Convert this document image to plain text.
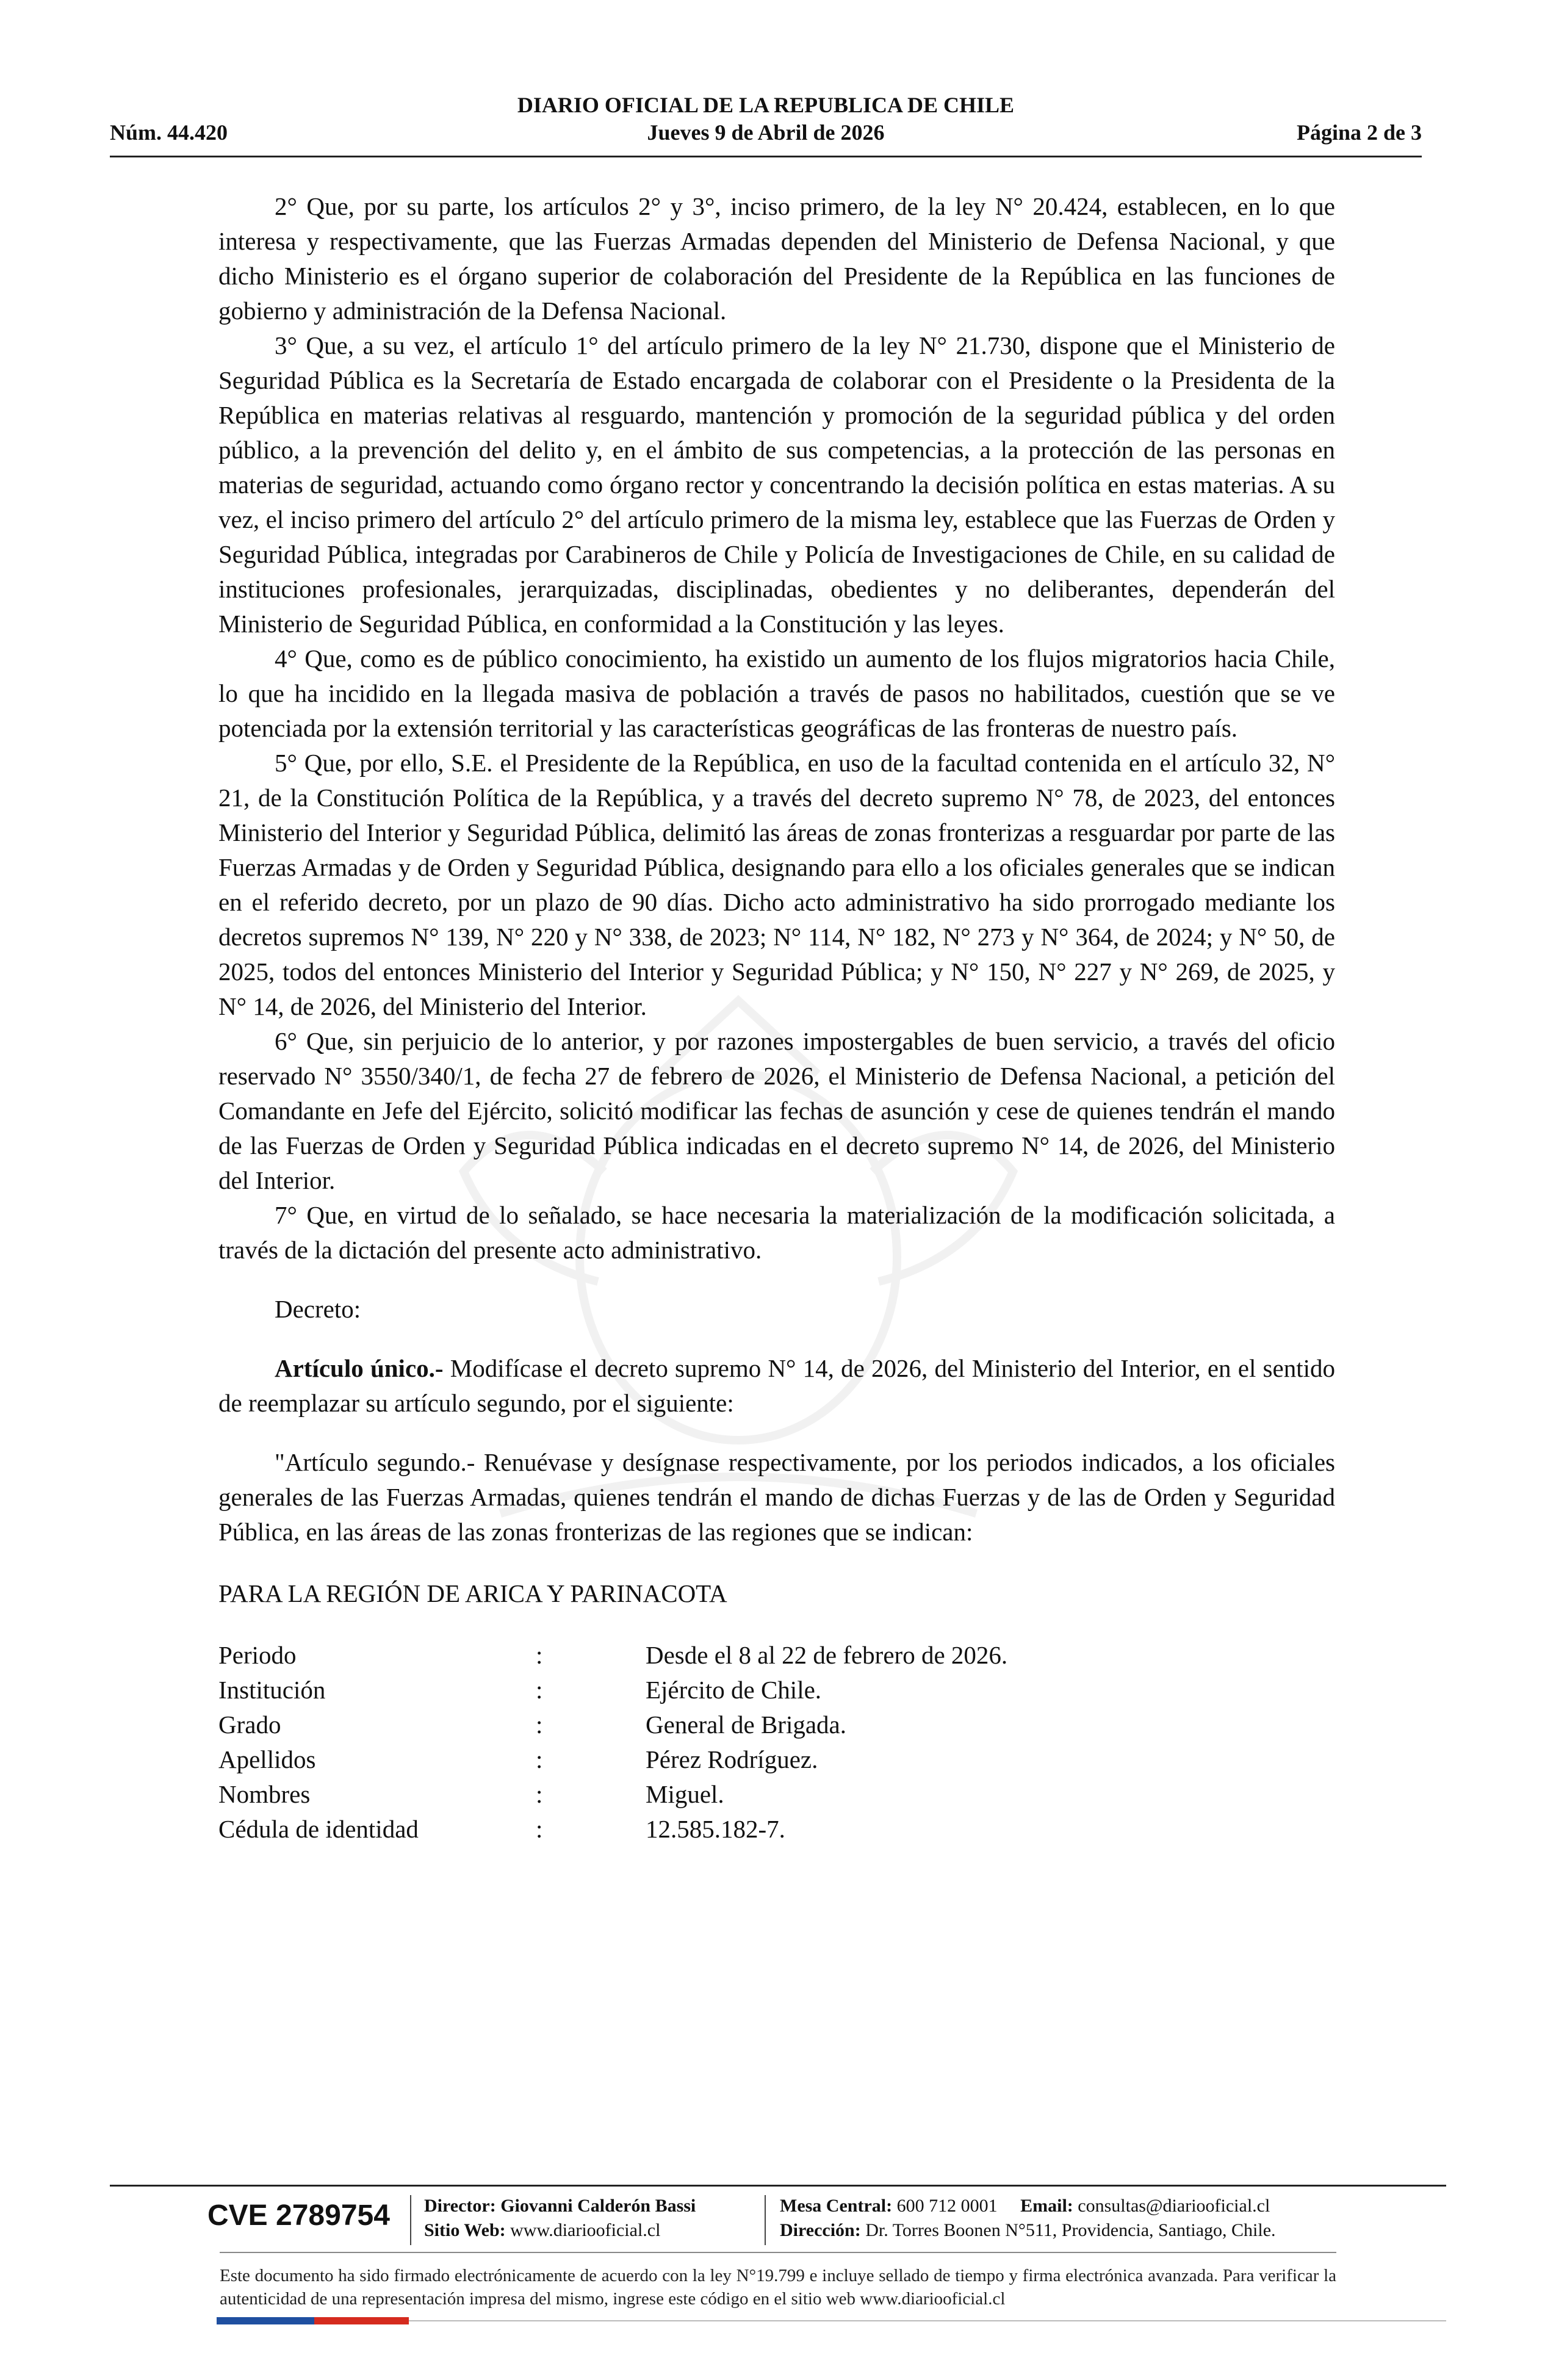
DIARIO OFICIAL DE LA REPUBLICA DE CHILE
Núm. 44.420	Jueves 9 de Abril de 2026	Página 2 de 3

2° Que, por su parte, los artículos 2° y 3°, inciso primero, de la ley N° 20.424, establecen, en lo que interesa y respectivamente, que las Fuerzas Armadas dependen del Ministerio de Defensa Nacional, y que dicho Ministerio es el órgano superior de colaboración del Presidente de la República en las funciones de gobierno y administración de la Defensa Nacional.

3° Que, a su vez, el artículo 1° del artículo primero de la ley N° 21.730, dispone que el Ministerio de Seguridad Pública es la Secretaría de Estado encargada de colaborar con el Presidente o la Presidenta de la República en materias relativas al resguardo, mantención y promoción de la seguridad pública y del orden público, a la prevención del delito y, en el ámbito de sus competencias, a la protección de las personas en materias de seguridad, actuando como órgano rector y concentrando la decisión política en estas materias. A su vez, el inciso primero del artículo 2° del artículo primero de la misma ley, establece que las Fuerzas de Orden y Seguridad Pública, integradas por Carabineros de Chile y Policía de Investigaciones de Chile, en su calidad de instituciones profesionales, jerarquizadas, disciplinadas, obedientes y no deliberantes, dependerán del Ministerio de Seguridad Pública, en conformidad a la Constitución y las leyes.

4° Que, como es de público conocimiento, ha existido un aumento de los flujos migratorios hacia Chile, lo que ha incidido en la llegada masiva de población a través de pasos no habilitados, cuestión que se ve potenciada por la extensión territorial y las características geográficas de las fronteras de nuestro país.

5° Que, por ello, S.E. el Presidente de la República, en uso de la facultad contenida en el artículo 32, N° 21, de la Constitución Política de la República, y a través del decreto supremo N° 78, de 2023, del entonces Ministerio del Interior y Seguridad Pública, delimitó las áreas de zonas fronterizas a resguardar por parte de las Fuerzas Armadas y de Orden y Seguridad Pública, designando para ello a los oficiales generales que se indican en el referido decreto, por un plazo de 90 días. Dicho acto administrativo ha sido prorrogado mediante los decretos supremos N° 139, N° 220 y N° 338, de 2023; N° 114, N° 182, N° 273 y N° 364, de 2024; y N° 50, de 2025, todos del entonces Ministerio del Interior y Seguridad Pública; y N° 150, N° 227 y N° 269, de 2025, y N° 14, de 2026, del Ministerio del Interior.

6° Que, sin perjuicio de lo anterior, y por razones impostergables de buen servicio, a través del oficio reservado N° 3550/340/1, de fecha 27 de febrero de 2026, el Ministerio de Defensa Nacional, a petición del Comandante en Jefe del Ejército, solicitó modificar las fechas de asunción y cese de quienes tendrán el mando de las Fuerzas de Orden y Seguridad Pública indicadas en el decreto supremo N° 14, de 2026, del Ministerio del Interior.

7° Que, en virtud de lo señalado, se hace necesaria la materialización de la modificación solicitada, a través de la dictación del presente acto administrativo.

Decreto:

Artículo único.- Modifícase el decreto supremo N° 14, de 2026, del Ministerio del Interior, en el sentido de reemplazar su artículo segundo, por el siguiente:

"Artículo segundo.- Renuévase y desígnase respectivamente, por los periodos indicados, a los oficiales generales de las Fuerzas Armadas, quienes tendrán el mando de dichas Fuerzas y de las de Orden y Seguridad Pública, en las áreas de las zonas fronterizas de las regiones que se indican:

PARA LA REGIÓN DE ARICA Y PARINACOTA

Periodo	:	Desde el 8 al 22 de febrero de 2026.
Institución	:	Ejército de Chile.
Grado	:	General de Brigada.
Apellidos	:	Pérez Rodríguez.
Nombres	:	Miguel.
Cédula de identidad	:	12.585.182-7.
CVE 2789754 Director: Giovanni Calderón Bassi
Sitio Web: www.diariooficial.cl
Mesa Central: 600 712 0001 Email: consultas@diariooficial.cl
Dirección: Dr. Torres Boonen N°511, Providencia, Santiago, Chile.
Este documento ha sido firmado electrónicamente de acuerdo con la ley N°19.799 e incluye sellado de tiempo y firma electrónica avanzada. Para verificar la autenticidad de una representación impresa del mismo, ingrese este código en el sitio web www.diariooficial.cl
